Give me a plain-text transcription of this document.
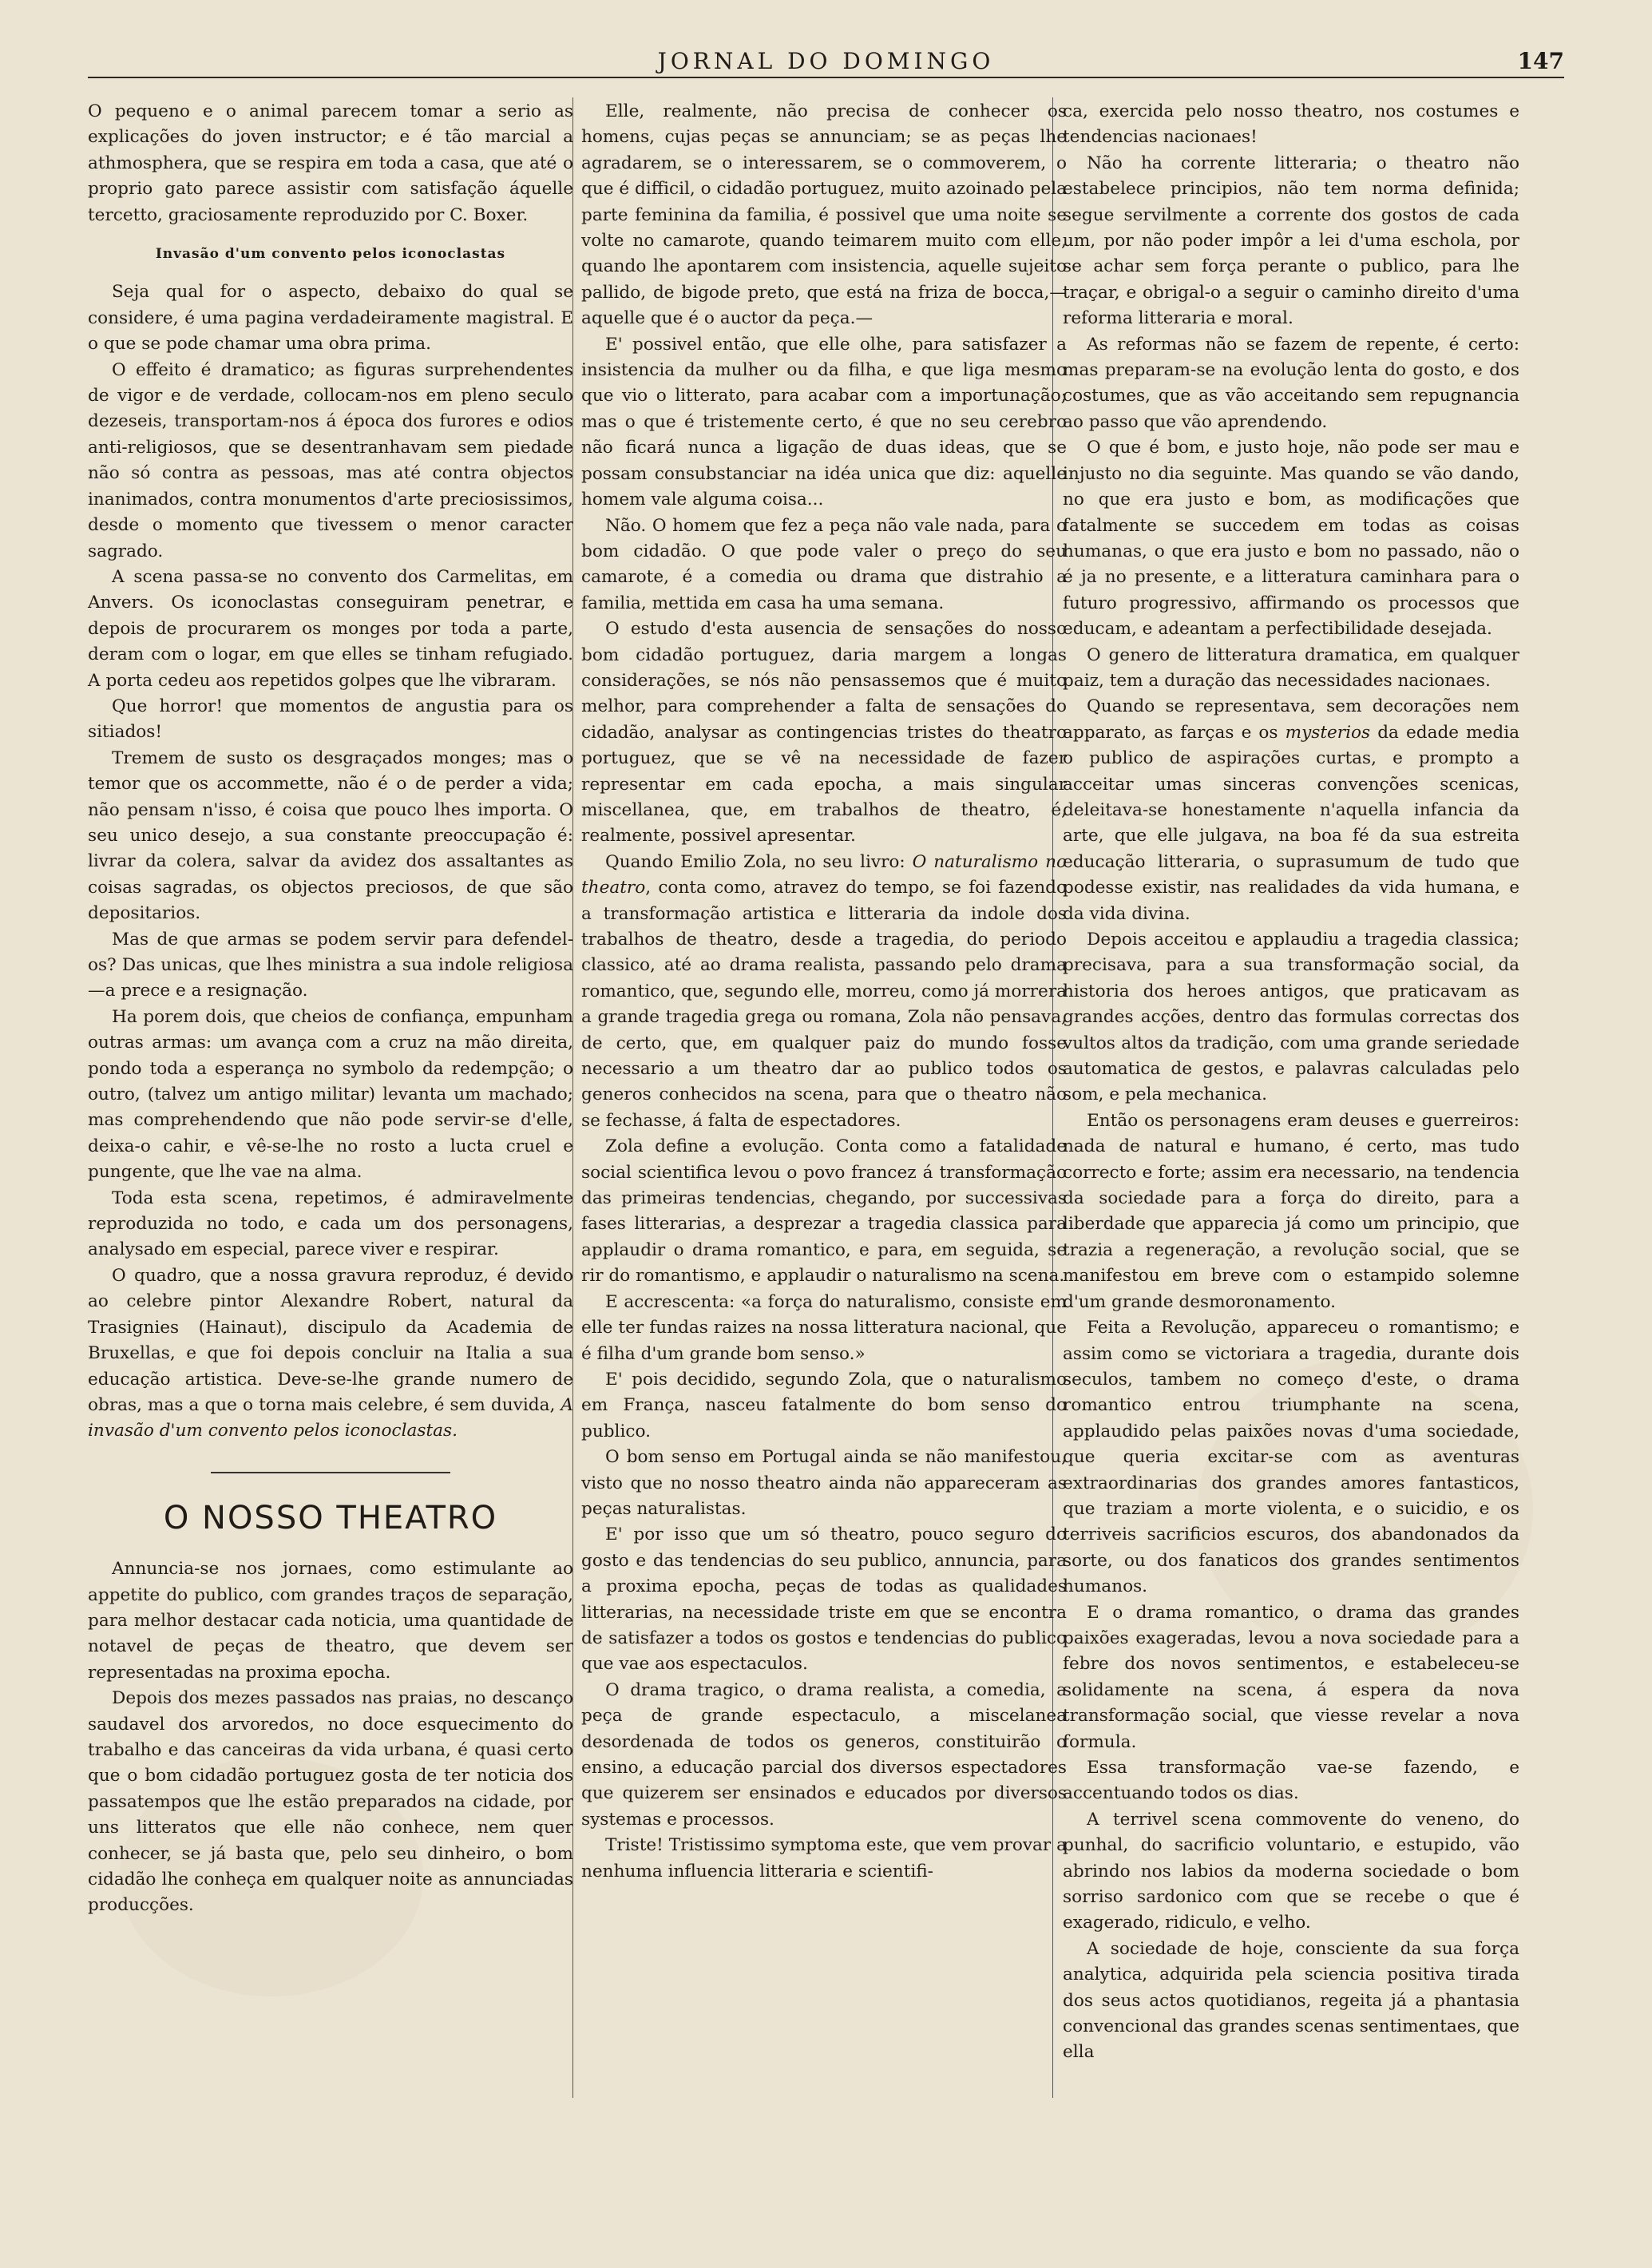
JORNAL DO DOMINGO	147

O pequeno e o animal parecem tomar a serio as explicações do joven instructor; e é tão marcial a athmosphera, que se respira em toda a casa, que até o proprio gato parece assistir com satisfação áquelle tercetto, graciosamente reproduzido por C. Boxer.

Invasão d'um convento pelos iconoclastas

Seja qual for o aspecto, debaixo do qual se considere, é uma pagina verdadeiramente magistral. E o que se pode chamar uma obra prima.

O effeito é dramatico; as figuras surprehendentes de vigor e de verdade, collocam-nos em pleno seculo dezeseis, transportam-nos á época dos furores e odios anti-religiosos, que se desentranhavam sem piedade não só contra as pessoas, mas até contra objectos inanimados, contra monumentos d'arte preciosissimos, desde o momento que tivessem o menor caracter sagrado.

A scena passa-se no convento dos Carmelitas, em Anvers. Os iconoclastas conseguiram penetrar, e depois de procurarem os monges por toda a parte, deram com o logar, em que elles se tinham refugiado. A porta cedeu aos repetidos golpes que lhe vibraram.

Que horror! que momentos de angustia para os sitiados!

Tremem de susto os desgraçados monges; mas o temor que os accommette, não é o de perder a vida; não pensam n'isso, é coisa que pouco lhes importa. O seu unico desejo, a sua constante preoccupação é: livrar da colera, salvar da avidez dos assaltantes as coisas sagradas, os objectos preciosos, de que são depositarios.

Mas de que armas se podem servir para defendel-os? Das unicas, que lhes ministra a sua indole religiosa—a prece e a resignação.

Ha porem dois, que cheios de confiança, empunham outras armas: um avança com a cruz na mão direita, pondo toda a esperança no symbolo da redempção; o outro, (talvez um antigo militar) levanta um machado; mas comprehendendo que não pode servir-se d'elle, deixa-o cahir, e vê-se-lhe no rosto a lucta cruel e pungente, que lhe vae na alma.

Toda esta scena, repetimos, é admiravelmente reproduzida no todo, e cada um dos personagens, analysado em especial, parece viver e respirar.

O quadro, que a nossa gravura reproduz, é devido ao celebre pintor Alexandre Robert, natural da Trasignies (Hainaut), discipulo da Academia de Bruxellas, e que foi depois concluir na Italia a sua educação artistica. Deve-se-lhe grande numero de obras, mas a que o torna mais celebre, é sem duvida, A invasão d'um convento pelos iconoclastas.

O NOSSO THEATRO

Annuncia-se nos jornaes, como estimulante ao appetite do publico, com grandes traços de separação, para melhor destacar cada noticia, uma quantidade de notavel de peças de theatro, que devem ser representadas na proxima epocha.

Depois dos mezes passados nas praias, no descanço saudavel dos arvoredos, no doce esquecimento do trabalho e das canceiras da vida urbana, é quasi certo que o bom cidadão portuguez gosta de ter noticia dos passatempos que lhe estão preparados na cidade, por uns litteratos que elle não conhece, nem quer conhecer, se já basta que, pelo seu dinheiro, o bom cidadão lhe conheça em qualquer noite as annunciadas producções.

Elle, realmente, não precisa de conhecer os homens, cujas peças se annunciam; se as peças lhe agradarem, se o interessarem, se o commoverem, o que é difficil, o cidadão portuguez, muito azoinado pela parte feminina da familia, é possivel que uma noite se volte no camarote, quando teimarem muito com elle, quando lhe apontarem com insistencia, aquelle sujeito pallido, de bigode preto, que está na friza de bocca,—aquelle que é o auctor da peça.—

E' possivel então, que elle olhe, para satisfazer a insistencia da mulher ou da filha, e que liga mesmo que vio o litterato, para acabar com a importunação; mas o que é tristemente certo, é que no seu cerebro não ficará nunca a ligação de duas ideas, que se possam consubstanciar na idéa unica que diz: aquelle homem vale alguma coisa...

Não. O homem que fez a peça não vale nada, para o bom cidadão. O que pode valer o preço do seu camarote, é a comedia ou drama que distrahio a familia, mettida em casa ha uma semana.

O estudo d'esta ausencia de sensações do nosso bom cidadão portuguez, daria margem a longas considerações, se nós não pensassemos que é muito melhor, para comprehender a falta de sensações do cidadão, analysar as contingencias tristes do theatro portuguez, que se vê na necessidade de fazer representar em cada epocha, a mais singular miscellanea, que, em trabalhos de theatro, é, realmente, possivel apresentar.

Quando Emilio Zola, no seu livro: O naturalismo no theatro, conta como, atravez do tempo, se foi fazendo a transformação artistica e litteraria da indole dos trabalhos de theatro, desde a tragedia, do periodo classico, até ao drama realista, passando pelo drama romantico, que, segundo elle, morreu, como já morrera a grande tragedia grega ou romana, Zola não pensava, de certo, que, em qualquer paiz do mundo fosse necessario a um theatro dar ao publico todos os generos conhecidos na scena, para que o theatro não se fechasse, á falta de espectadores.

Zola define a evolução. Conta como a fatalidade social scientifica levou o povo francez á transformação das primeiras tendencias, chegando, por successivas fases litterarias, a desprezar a tragedia classica para applaudir o drama romantico, e para, em seguida, se rir do romantismo, e applaudir o naturalismo na scena.

E accrescenta: «a força do naturalismo, consiste em elle ter fundas raizes na nossa litteratura nacional, que é filha d'um grande bom senso.»

E' pois decidido, segundo Zola, que o naturalismo em França, nasceu fatalmente do bom senso do publico.

O bom senso em Portugal ainda se não manifestou, visto que no nosso theatro ainda não appareceram as peças naturalistas.

E' por isso que um só theatro, pouco seguro do gosto e das tendencias do seu publico, annuncia, para a proxima epocha, peças de todas as qualidades litterarias, na necessidade triste em que se encontra de satisfazer a todos os gostos e tendencias do publico que vae aos espectaculos.

O drama tragico, o drama realista, a comedia, a peça de grande espectaculo, a miscelanea desordenada de todos os generos, constituirão o ensino, a educação parcial dos diversos espectadores que quizerem ser ensinados e educados por diversos systemas e processos.

Triste! Tristissimo symptoma este, que vem provar a nenhuma influencia litteraria e scientifi-

ca, exercida pelo nosso theatro, nos costumes e tendencias nacionaes!

Não ha corrente litteraria; o theatro não estabelece principios, não tem norma definida; segue servilmente a corrente dos gostos de cada um, por não poder impôr a lei d'uma eschola, por se achar sem força perante o publico, para lhe traçar, e obrigal-o a seguir o caminho direito d'uma reforma litteraria e moral.

As reformas não se fazem de repente, é certo: mas preparam-se na evolução lenta do gosto, e dos costumes, que as vão acceitando sem repugnancia ao passo que vão aprendendo.

O que é bom, e justo hoje, não pode ser mau e injusto no dia seguinte. Mas quando se vão dando, no que era justo e bom, as modificações que fatalmente se succedem em todas as coisas humanas, o que era justo e bom no passado, não o é ja no presente, e a litteratura caminhara para o futuro progressivo, affirmando os processos que educam, e adeantam a perfectibilidade desejada.

O genero de litteratura dramatica, em qualquer paiz, tem a duração das necessidades nacionaes.

Quando se representava, sem decorações nem apparato, as farças e os mysterios da edade media o publico de aspirações curtas, e prompto a acceitar umas sinceras convenções scenicas, deleitava-se honestamente n'aquella infancia da arte, que elle julgava, na boa fé da sua estreita educação litteraria, o suprasumum de tudo que podesse existir, nas realidades da vida humana, e da vida divina.

Depois acceitou e applaudiu a tragedia classica; precisava, para a sua transformação social, da historia dos heroes antigos, que praticavam as grandes acções, dentro das formulas correctas dos vultos altos da tradição, com uma grande seriedade automatica de gestos, e palavras calculadas pelo som, e pela mechanica.

Então os personagens eram deuses e guerreiros: nada de natural e humano, é certo, mas tudo correcto e forte; assim era necessario, na tendencia da sociedade para a força do direito, para a liberdade que apparecia já como um principio, que trazia a regeneração, a revolução social, que se manifestou em breve com o estampido solemne d'um grande desmoronamento.

Feita a Revolução, appareceu o romantismo; e assim como se victoriara a tragedia, durante dois seculos, tambem no começo d'este, o drama romantico entrou triumphante na scena, applaudido pelas paixões novas d'uma sociedade, que queria excitar-se com as aventuras extraordinarias dos grandes amores fantasticos, que traziam a morte violenta, e o suicidio, e os terriveis sacrificios escuros, dos abandonados da sorte, ou dos fanaticos dos grandes sentimentos humanos.

E o drama romantico, o drama das grandes paixões exageradas, levou a nova sociedade para a febre dos novos sentimentos, e estabeleceu-se solidamente na scena, á espera da nova transformação social, que viesse revelar a nova formula.

Essa transformação vae-se fazendo, e accentuando todos os dias.

A terrivel scena commovente do veneno, do punhal, do sacrificio voluntario, e estupido, vão abrindo nos labios da moderna sociedade o bom sorriso sardonico com que se recebe o que é exagerado, ridiculo, e velho.

A sociedade de hoje, consciente da sua força analytica, adquirida pela sciencia positiva tirada dos seus actos quotidianos, regeita já a phantasia convencional das grandes scenas sentimentaes, que ella
